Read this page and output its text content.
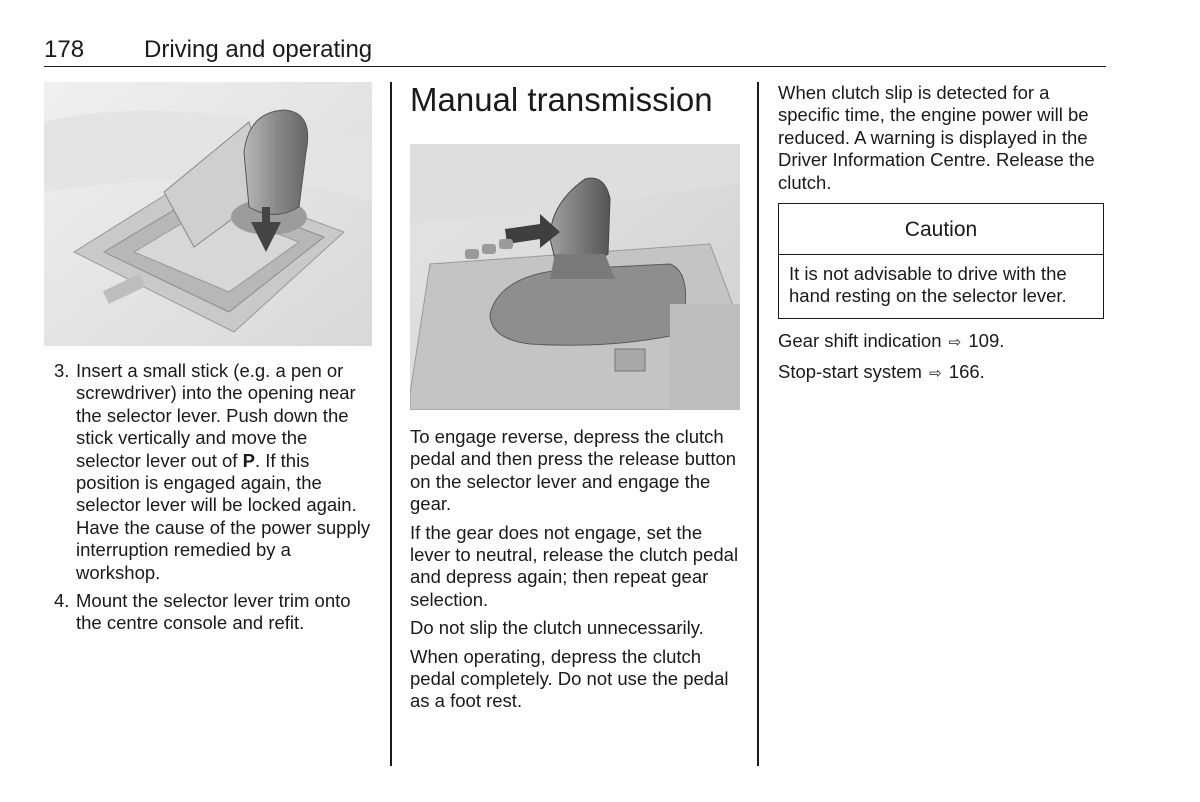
178 Driving and operating
3. Insert a small stick (e.g. a pen or screwdriver) into the opening near the selector lever. Push down the stick vertically and move the selector lever out of P. If this position is engaged again, the selector lever will be locked again. Have the cause of the power supply interruption remedied by a workshop.
4. Mount the selector lever trim onto the centre console and refit.
Manual transmission

To engage reverse, depress the clutch pedal and then press the release button on the selector lever and engage the gear.

If the gear does not engage, set the lever to neutral, release the clutch pedal and depress again; then repeat gear selection.

Do not slip the clutch unnecessarily.

When operating, depress the clutch pedal completely. Do not use the pedal as a foot rest.

When clutch slip is detected for a specific time, the engine power will be reduced. A warning is displayed in the Driver Information Centre. Release the clutch.

Caution
It is not advisable to drive with the hand resting on the selector lever.

Gear shift indication ⇨ 109.

Stop-start system ⇨ 166.
